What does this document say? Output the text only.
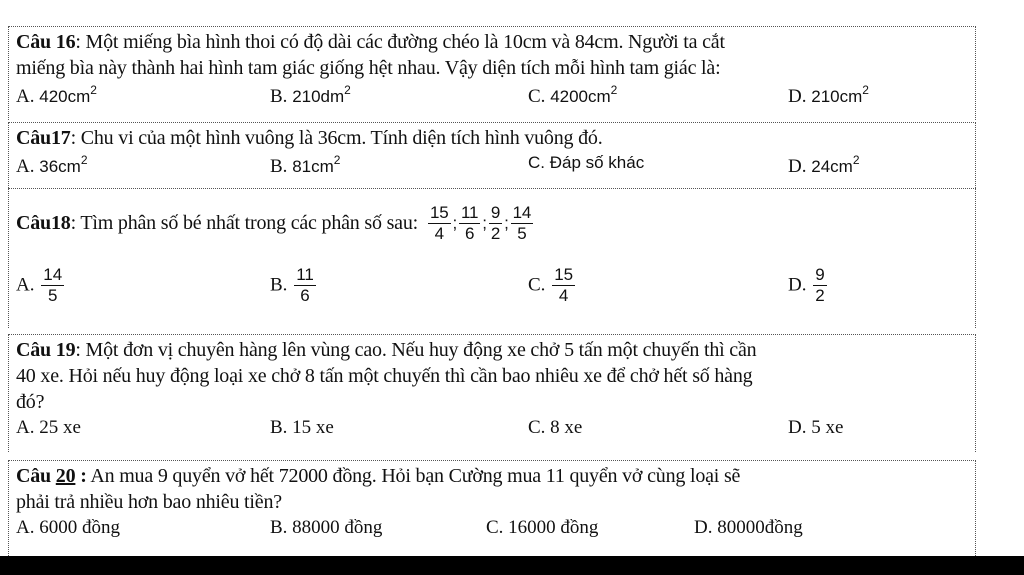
Câu 16: Một miếng bìa hình thoi có độ dài các đường chéo là 10cm và 84cm. Người ta cắt
miếng bìa này thành hai hình tam giác giống hệt nhau. Vậy diện tích mỗi hình tam giác là:

A. $420cm^2$	B. $210dm^2$	C. $4200cm^2$	D. $210cm^2$

Câu17: Chu vi của một hình vuông là 36cm. Tính diện tích hình vuông đó.

A. $36cm^2$	B. $81cm^2$	C. Đáp số khác	D. $24cm^2$

Câu18 : Tìm phân số bé nhất trong các phân số sau: $\frac{15}{4}$ ; $\frac{11}{6}$ ; $\frac{9}{2}$ ; $\frac{14}{5}$

A. $\frac{14}{5}$	B. $\frac{11}{6}$	C. $\frac{15}{4}$	D. $\frac{9}{2}$

Câu 19: Một đơn vị chuyên hàng lên vùng cao. Nếu huy động xe chở 5 tấn một chuyến thì cần
40 xe. Hỏi nếu huy động loại xe chở 8 tấn một chuyến thì cần bao nhiêu xe để chở hết số hàng
đó?

A. 25 xe	B. 15 xe	C. 8 xe	D. 5 xe

Câu 20 : An mua 9 quyển vở hết 72000 đồng. Hỏi bạn Cường mua 11 quyển vở cùng loại sẽ
phải trả nhiều hơn bao nhiêu tiền?

A. 6000 đồng	B. 88000 đồng	C. 16000 đồng	D. 80000đồng
